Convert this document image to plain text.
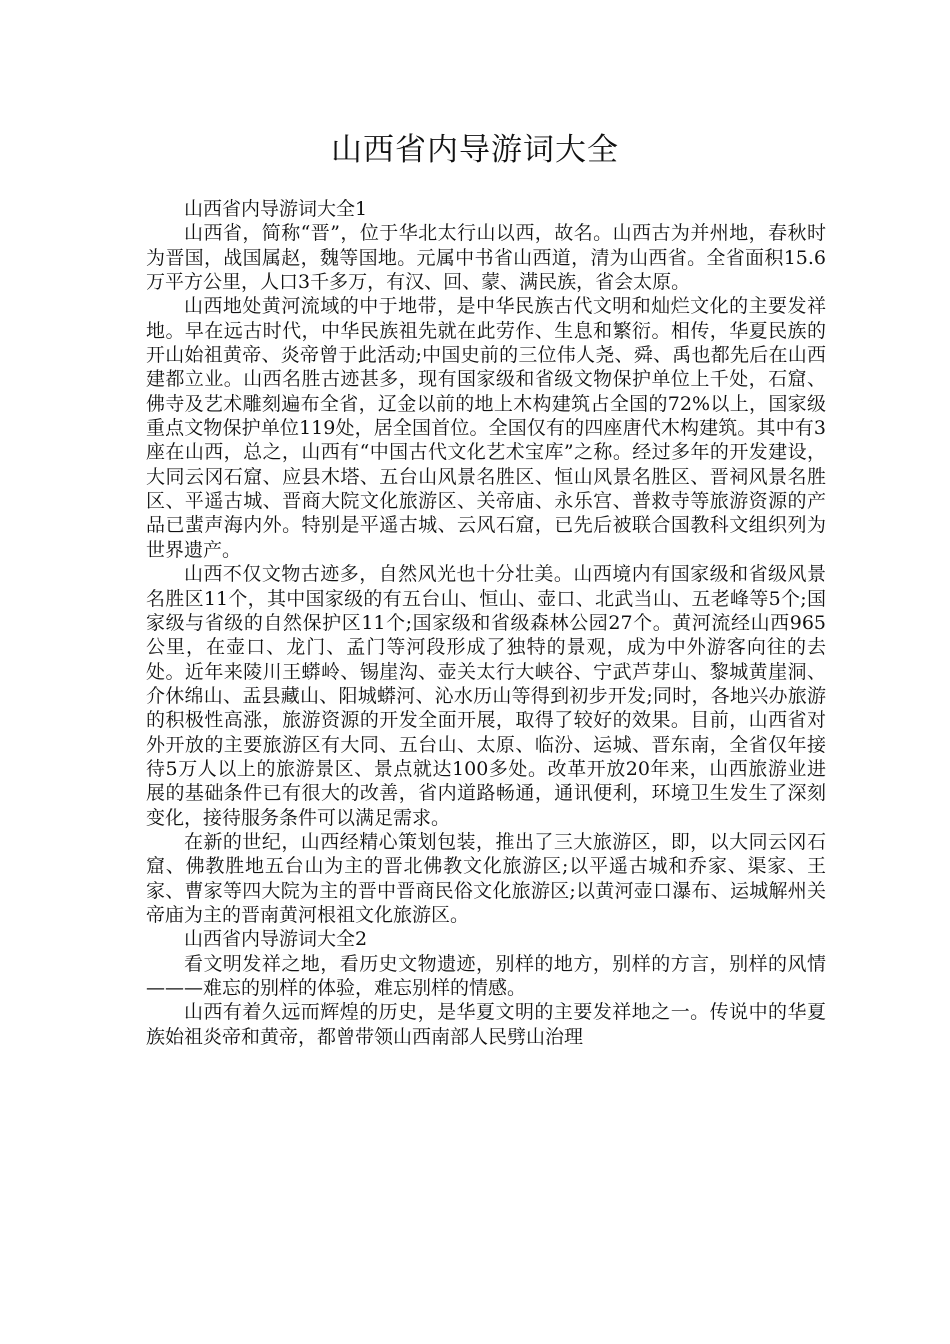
山西省内导游词大全

山西省内导游词大全1

山西省，简称“晋”，位于华北太行山以西，故名。山西古为并州地，春秋时为晋国，战国属赵，魏等国地。元属中书省山西道，清为山西省。全省面积15.6万平方公里，人口3千多万，有汉、回、蒙、满民族，省会太原。

山西地处黄河流域的中于地带，是中华民族古代文明和灿烂文化的主要发祥地。早在远古时代，中华民族祖先就在此劳作、生息和繁衍。相传，华夏民族的开山始祖黄帝、炎帝曾于此活动;中国史前的三位伟人尧、舜、禹也都先后在山西建都立业。山西名胜古迹甚多，现有国家级和省级文物保护单位上千处，石窟、佛寺及艺术雕刻遍布全省，辽金以前的地上木构建筑占全国的72%以上，国家级重点文物保护单位119处，居全国首位。全国仅有的四座唐代木构建筑。其中有3座在山西，总之，山西有“中国古代文化艺术宝库”之称。经过多年的开发建设，大同云冈石窟、应县木塔、五台山风景名胜区、恒山风景名胜区、晋祠风景名胜区、平遥古城、晋商大院文化旅游区、关帝庙、永乐宫、普救寺等旅游资源的产品已蜚声海内外。特别是平遥古城、云风石窟，已先后被联合国教科文组织列为世界遗产。

山西不仅文物古迹多，自然风光也十分壮美。山西境内有国家级和省级风景名胜区11个，其中国家级的有五台山、恒山、壶口、北武当山、五老峰等5个;国家级与省级的自然保护区11个;国家级和省级森林公园27个。黄河流经山西965公里，在壶口、龙门、孟门等河段形成了独特的景观，成为中外游客向往的去处。近年来陵川王蟒岭、锡崖沟、壶关太行大峡谷、宁武芦芽山、黎城黄崖洞、介休绵山、盂县藏山、阳城蟒河、沁水历山等得到初步开发;同时，各地兴办旅游的积极性高涨，旅游资源的开发全面开展，取得了较好的效果。目前，山西省对外开放的主要旅游区有大同、五台山、太原、临汾、运城、晋东南，全省仅年接待5万人以上的旅游景区、景点就达100多处。改革开放20年来，山西旅游业进展的基础条件已有很大的改善，省内道路畅通，通讯便利，环境卫生发生了深刻变化，接待服务条件可以满足需求。

在新的世纪，山西经精心策划包装，推出了三大旅游区，即，以大同云冈石窟、佛教胜地五台山为主的晋北佛教文化旅游区;以平遥古城和乔家、渠家、王家、曹家等四大院为主的晋中晋商民俗文化旅游区;以黄河壶口瀑布、运城解州关帝庙为主的晋南黄河根祖文化旅游区。

山西省内导游词大全2

看文明发祥之地，看历史文物遗迹，别样的地方，别样的方言，别样的风情———难忘的别样的体验，难忘别样的情感。

山西有着久远而辉煌的历史，是华夏文明的主要发祥地之一。传说中的华夏族始祖炎帝和黄帝，都曾带领山西南部人民劈山治理
